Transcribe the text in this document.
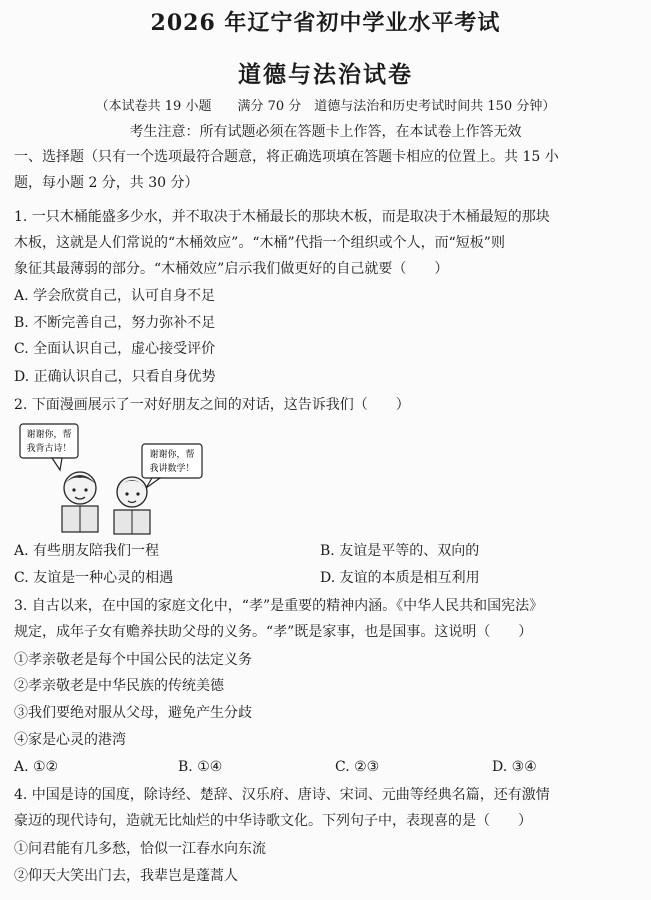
2026 年辽宁省初中学业水平考试
道德与法治试卷
（本试卷共 19 小题　　满分 70 分　道德与法治和历史考试时间共 150 分钟）
考生注意：所有试题必须在答题卡上作答，在本试卷上作答无效
一、选择题（只有一个选项最符合题意，将正确选项填在答题卡相应的位置上。共 15 小
题，每小题 2 分，共 30 分）
1. 一只木桶能盛多少水，并不取决于木桶最长的那块木板，而是取决于木桶最短的那块
木板，这就是人们常说的“木桶效应”。“木桶”代指一个组织或个人，而“短板”则
象征其最薄弱的部分。“木桶效应”启示我们做更好的自己就要（　　）
A. 学会欣赏自己，认可自身不足
B. 不断完善自己，努力弥补不足
C. 全面认识自己，虚心接受评价
D. 正确认识自己，只看自身优势
2. 下面漫画展示了一对好朋友之间的对话，这告诉我们（　　）
谢谢你，帮
我背古诗！
谢谢你，帮
我讲数学！
A. 有些朋友陪我们一程	B. 友谊是平等的、双向的
C. 友谊是一种心灵的相遇	D. 友谊的本质是相互利用
3. 自古以来，在中国的家庭文化中，“孝”是重要的精神内涵。《中华人民共和国宪法》
规定，成年子女有赡养扶助父母的义务。“孝”既是家事，也是国事。这说明（　　）
①孝亲敬老是每个中国公民的法定义务
②孝亲敬老是中华民族的传统美德
③我们要绝对服从父母，避免产生分歧
④家是心灵的港湾
A. ①②	B. ①④	C. ②③	D. ③④
4. 中国是诗的国度，除诗经、楚辞、汉乐府、唐诗、宋词、元曲等经典名篇，还有激情
豪迈的现代诗句，造就无比灿烂的中华诗歌文化。下列句子中，表现喜的是（　　）
①问君能有几多愁，恰似一江春水向东流
②仰天大笑出门去，我辈岂是蓬蒿人
